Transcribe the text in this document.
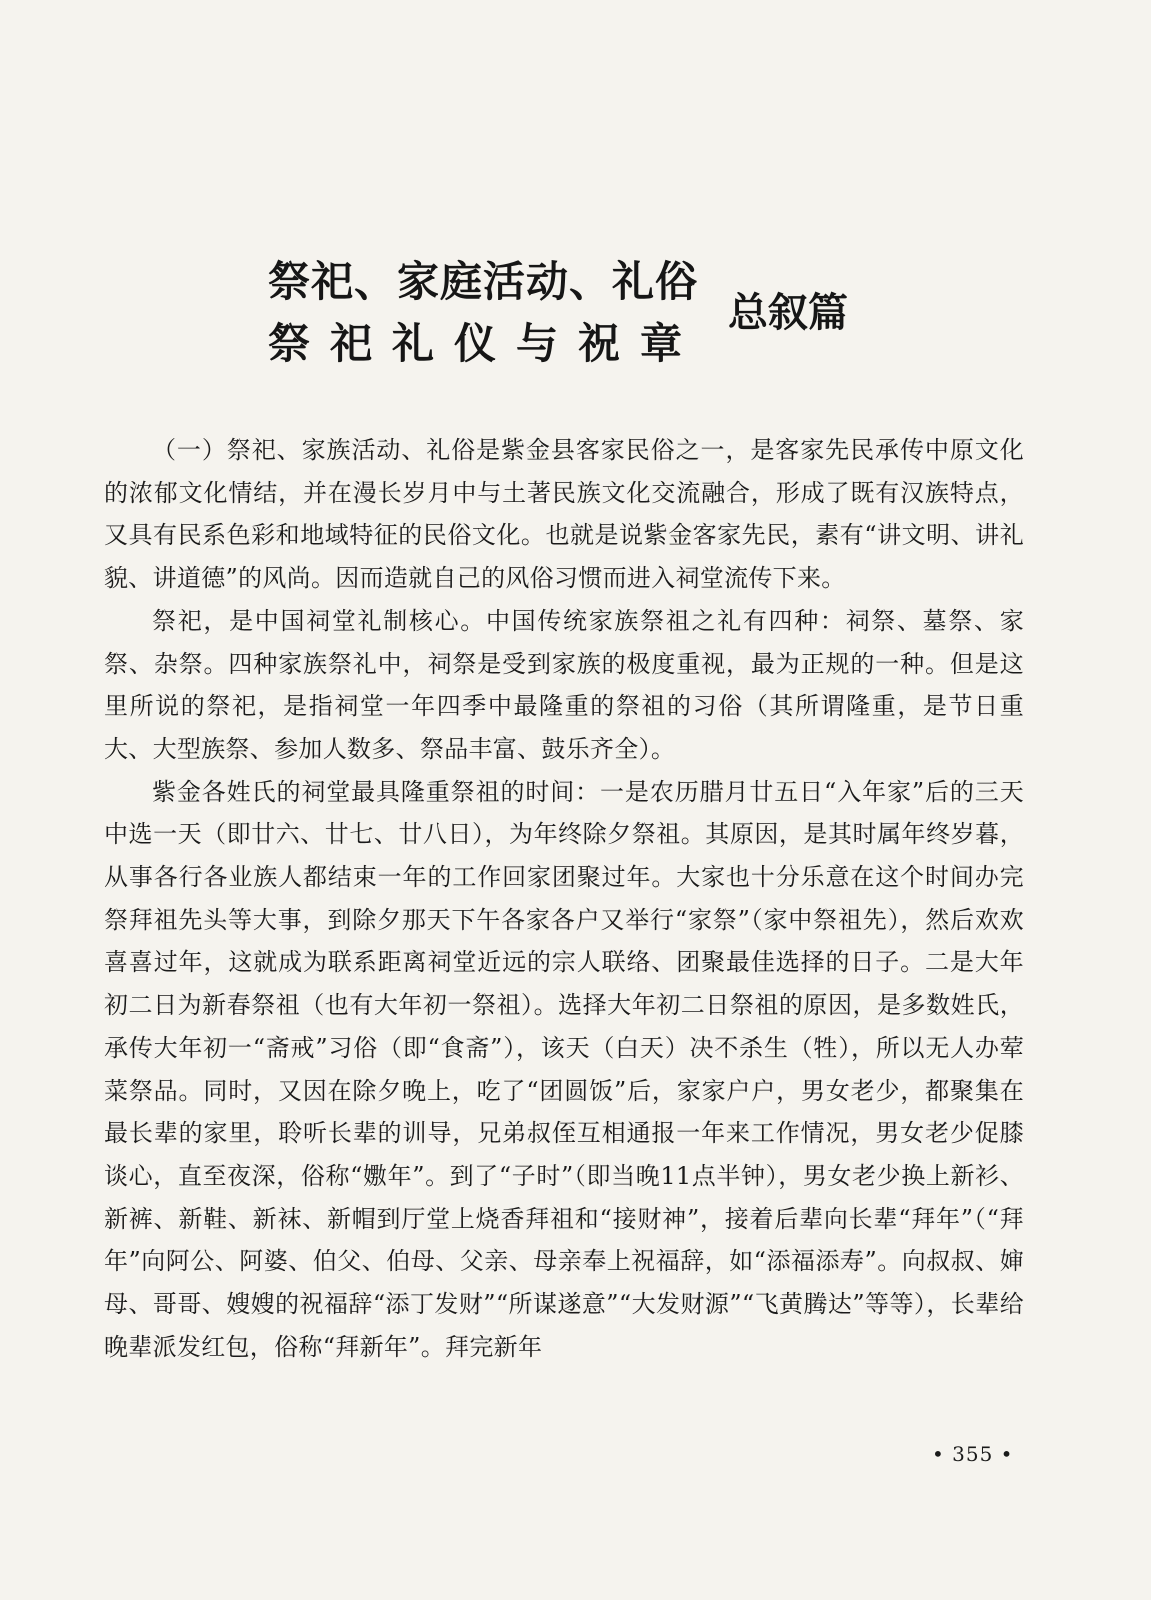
祭祀、家庭活动、礼俗
祭祀礼仪与祝章
总叙篇

（一）祭祀、家族活动、礼俗是紫金县客家民俗之一，是客家先民承传中原文化的浓郁文化情结，并在漫长岁月中与土著民族文化交流融合，形成了既有汉族特点，又具有民系色彩和地域特征的民俗文化。也就是说紫金客家先民，素有“讲文明、讲礼貌、讲道德”的风尚。因而造就自己的风俗习惯而进入祠堂流传下来。

祭祀，是中国祠堂礼制核心。中国传统家族祭祖之礼有四种：祠祭、墓祭、家祭、杂祭。四种家族祭礼中，祠祭是受到家族的极度重视，最为正规的一种。但是这里所说的祭祀，是指祠堂一年四季中最隆重的祭祖的习俗（其所谓隆重，是节日重大、大型族祭、参加人数多、祭品丰富、鼓乐齐全）。

紫金各姓氏的祠堂最具隆重祭祖的时间：一是农历腊月廿五日“入年家”后的三天中选一天（即廿六、廿七、廿八日），为年终除夕祭祖。其原因，是其时属年终岁暮，从事各行各业族人都结束一年的工作回家团聚过年。大家也十分乐意在这个时间办完祭拜祖先头等大事，到除夕那天下午各家各户又举行“家祭”（家中祭祖先），然后欢欢喜喜过年，这就成为联系距离祠堂近远的宗人联络、团聚最佳选择的日子。二是大年初二日为新春祭祖（也有大年初一祭祖）。选择大年初二日祭祖的原因，是多数姓氏，承传大年初一“斋戒”习俗（即“食斋”），该天（白天）决不杀生（牲），所以无人办荤菜祭品。同时，又因在除夕晚上，吃了“团圆饭”后，家家户户，男女老少，都聚集在最长辈的家里，聆听长辈的训导，兄弟叔侄互相通报一年来工作情况，男女老少促膝谈心，直至夜深，俗称“嫐年”。到了“子时”（即当晚11点半钟），男女老少换上新衫、新裤、新鞋、新袜、新帽到厅堂上烧香拜祖和“接财神”，接着后辈向长辈“拜年”（“拜年”向阿公、阿婆、伯父、伯母、父亲、母亲奉上祝福辞，如“添福添寿”。向叔叔、婶母、哥哥、嫂嫂的祝福辞“添丁发财”“所谋遂意”“大发财源”“飞黄腾达”等等），长辈给晚辈派发红包，俗称“拜新年”。拜完新年

• 355 •
